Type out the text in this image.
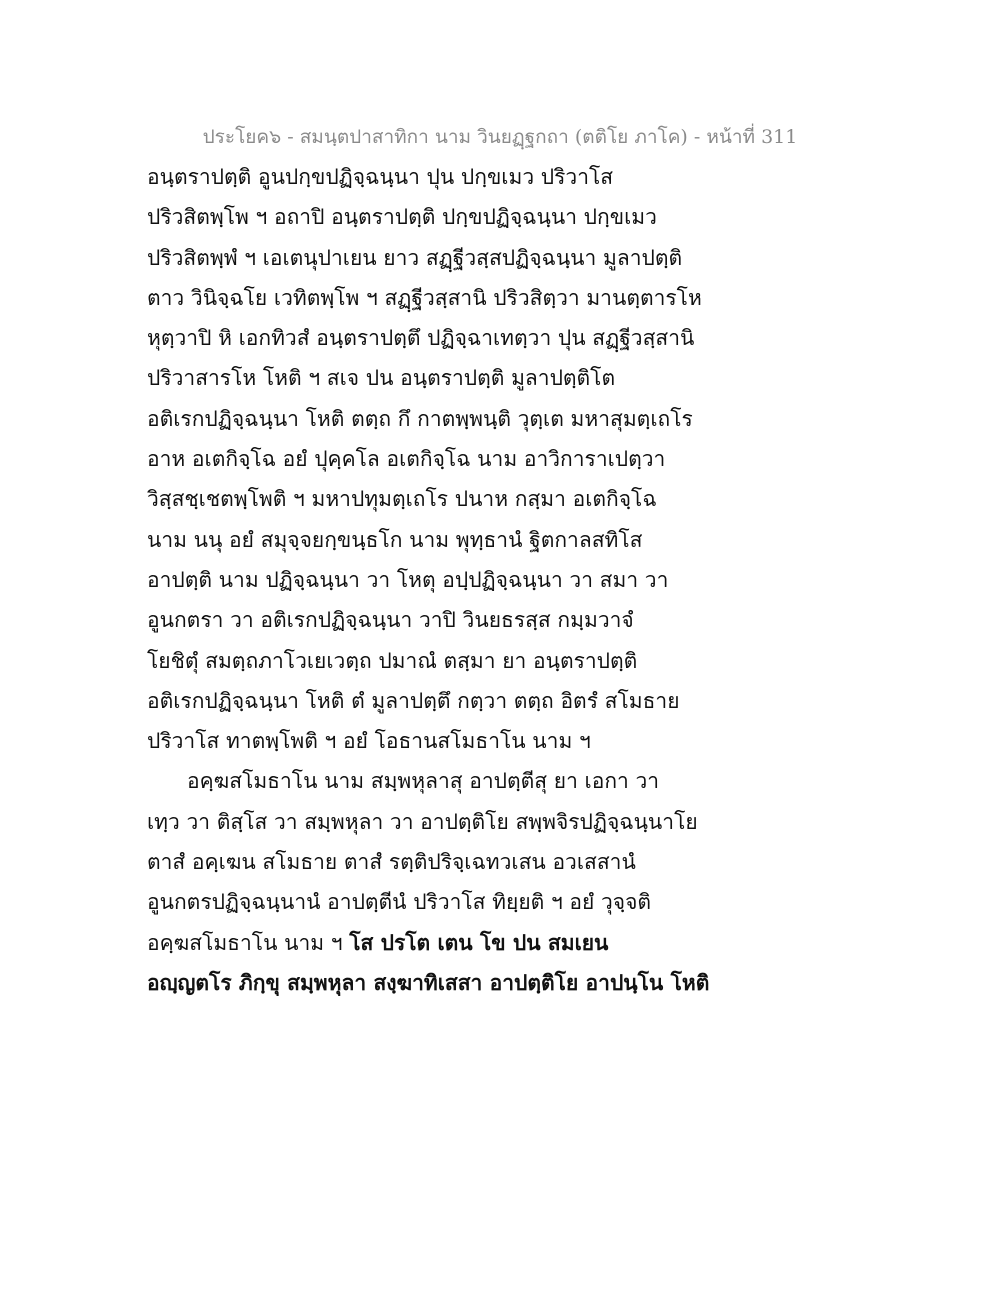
ประโยค๖ - สมนฺตปาสาทิกา นาม วินยฏฺฐกถา (ตติโย ภาโค) - หน้าที่ 311
อนฺตราปตฺติ อูนปกฺขปฏิจฺฉนฺนา ปุน ปกฺขเมว ปริวาโส
ปริวสิตพฺโพ ฯ อถาปิ อนฺตราปตฺติ ปกฺขปฏิจฺฉนฺนา ปกฺขเมว
ปริวสิตพฺพํ ฯ เอเตนุปาเยน ยาว สฏฺฐีวสฺสปฏิจฺฉนฺนา มูลาปตฺติ
ตาว วินิจฺฉโย เวทิตพฺโพ ฯ สฏฺฐีวสฺสานิ ปริวสิตฺวา มานตฺตารโห
หุตฺวาปิ หิ เอกทิวสํ อนฺตราปตฺตึ ปฏิจฺฉาเทตฺวา ปุน สฏฺฐีวสฺสานิ
ปริวาสารโห โหติ ฯ สเจ ปน อนฺตราปตฺติ มูลาปตฺติโต
อติเรกปฏิจฺฉนฺนา โหติ ตตฺถ กึ กาตพฺพนฺติ วุตฺเต มหาสุมตฺเถโร
อาห อเตกิจฺโฉ อยํ ปุคฺคโล อเตกิจฺโฉ นาม อาวิการาเปตฺวา
วิสฺสชฺเชตพฺโพติ ฯ มหาปทุมตฺเถโร ปนาห กสฺมา อเตกิจฺโฉ
นาม นนุ อยํ สมุจฺจยกฺขนฺธโก นาม พุทฺธานํ ฐิตกาลสทิโส
อาปตฺติ นาม ปฏิจฺฉนฺนา วา โหตุ อปฺปฏิจฺฉนฺนา วา สมา วา
อูนกตรา วา อติเรกปฏิจฺฉนฺนา วาปิ วินยธรสฺส กมฺมวาจํ
โยชิตุํ สมตฺถภาโวเยเวตฺถ ปมาณํ ตสฺมา ยา อนฺตราปตฺติ
อติเรกปฏิจฺฉนฺนา โหติ ตํ มูลาปตฺตึ กตฺวา ตตฺถ อิตรํ สโมธาย
ปริวาโส ทาตพฺโพติ ฯ อยํ โอธานสโมธาโน นาม ฯ
อคฺฆสโมธาโน นาม สมฺพหุลาสุ อาปตฺตีสุ ยา เอกา วา
เทฺว วา ติสฺโส วา สมฺพหุลา วา อาปตฺติโย สพฺพจิรปฏิจฺฉนฺนาโย
ตาสํ อคฺเฆน สโมธาย ตาสํ รตฺติปริจฺเฉทวเสน อวเสสานํ
อูนกตรปฏิจฺฉนฺนานํ อาปตฺตีนํ ปริวาโส ทิยฺยติ ฯ อยํ วุจฺจติ
อคฺฆสโมธาโน นาม ฯ โส ปรโต เตน โข ปน สมเยน
อญฺญตโร ภิกฺขุ สมฺพหุลา สงฺฆาทิเสสา อาปตฺติโย อาปนฺโน โหติ
